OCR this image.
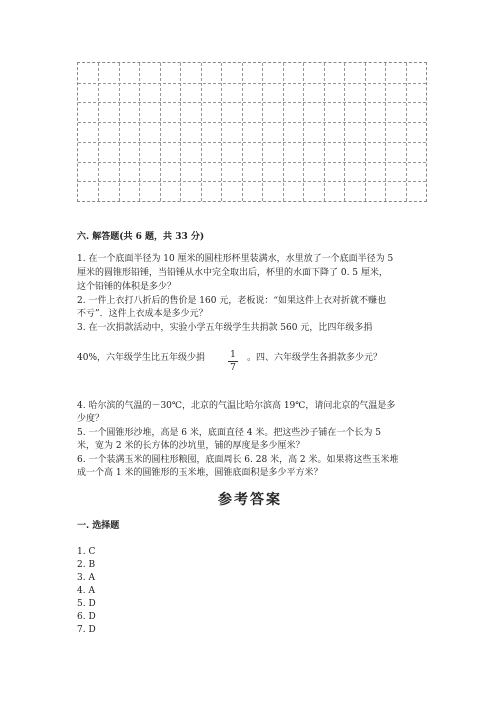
六. 解答题(共 6 题，共 33 分)
1. 在一个底面半径为 10 厘米的圆柱形杯里装满水，水里放了一个底面半径为 5
厘米的圆锥形铅锤，当铅锤从水中完全取出后，杯里的水面下降了 0. 5 厘米，
这个铅锤的体积是多少？
2. 一件上衣打八折后的售价是 160 元，老板说：“如果这件上衣对折就不赚也
不亏”．这件上衣成本是多少元？
3. 在一次捐款活动中，实验小学五年级学生共捐款 560 元，比四年级多捐
40%，六年级学生比五年级少捐	1
7
。四、六年级学生各捐款多少元？
4. 哈尔滨的气温的－30℃，北京的气温比哈尔滨高 19℃，请问北京的气温是多
少度？
5. 一个圆锥形沙堆，高是 6 米，底面直径 4 米。把这些沙子铺在一个长为 5
米，宽为 2 米的长方体的沙坑里，铺的厚度是多少厘米？
6. 一个装满玉米的圆柱形粮囤，底面周长 6. 28 米，高 2 米。如果将这些玉米堆
成一个高 1 米的圆锥形的玉米堆，圆锥底面积是多少平方米？
参考答案
一. 选择题
1. C
2. B
3. A
4. A
5. D
6. D
7. D
